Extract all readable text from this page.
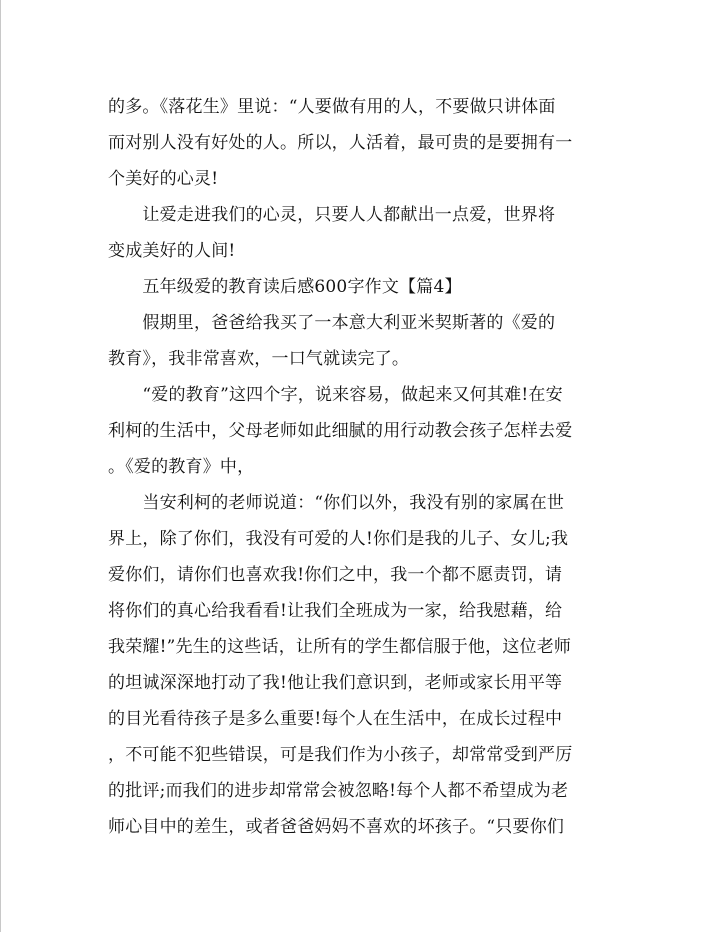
的多。《落花生》里说：“人要做有用的人，不要做只讲体面
而对别人没有好处的人。所以，人活着，最可贵的是要拥有一
个美好的心灵!
　　让爱走进我们的心灵，只要人人都献出一点爱，世界将
变成美好的人间!
　　五年级爱的教育读后感600字作文【篇4】
　　假期里，爸爸给我买了一本意大利亚米契斯著的《爱的
教育》，我非常喜欢，一口气就读完了。
　　“爱的教育”这四个字，说来容易，做起来又何其难!在安
利柯的生活中，父母老师如此细腻的用行动教会孩子怎样去爱
。《爱的教育》中，
　　当安利柯的老师说道：“你们以外，我没有别的家属在世
界上，除了你们，我没有可爱的人!你们是我的儿子、女儿;我
爱你们，请你们也喜欢我!你们之中，我一个都不愿责罚，请
将你们的真心给我看看!让我们全班成为一家，给我慰藉，给
我荣耀!”先生的这些话，让所有的学生都信服于他，这位老师
的坦诚深深地打动了我!他让我们意识到，老师或家长用平等
的目光看待孩子是多么重要!每个人在生活中，在成长过程中
，不可能不犯些错误，可是我们作为小孩子，却常常受到严厉
的批评;而我们的进步却常常会被忽略!每个人都不希望成为老
师心目中的差生，或者爸爸妈妈不喜欢的坏孩子。“只要你们
